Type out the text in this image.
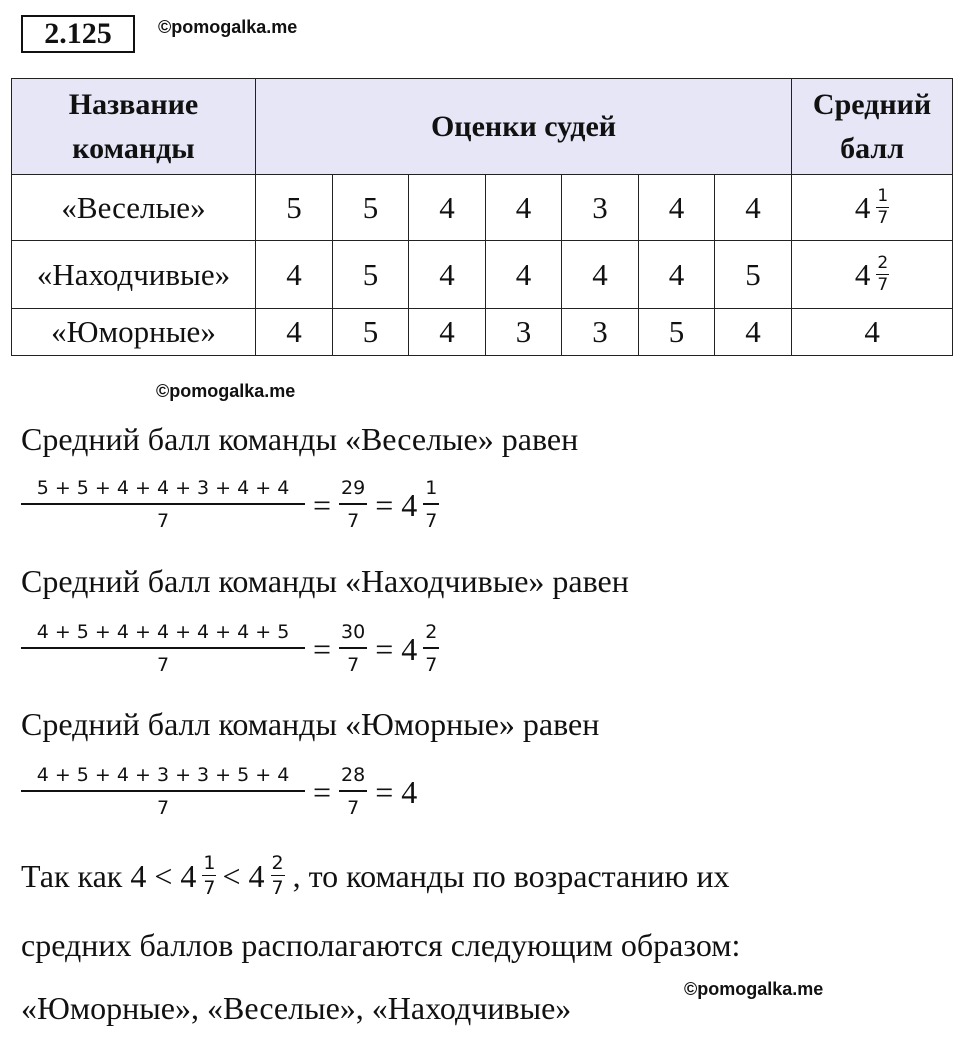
2.125	©pomogalka.me
Название команды	Оценки судей							Средний балл
«Веселые»	5	5	4	4	3	4	4	$4 \frac{1}{7}$

«Находчивые»	4	5	4	4	4	4	5	$4 \frac{2}{7}$

«Юморные»	4	5	4	3	3	5	4	4
©pomogalka.me
Средний балл команды «Веселые» равен
$\frac{5 + 5 + 4 + 4 + 3 + 4 + 4}{7} = \frac{29}{7} = 4 \frac{1}{7}$
Средний балл команды «Находчивые» равен
$\frac{4 + 5 + 4 + 4 + 4 + 4 + 5}{7} = \frac{30}{7} = 4 \frac{2}{7}$
Средний балл команды «Юморные» равен
$\frac{4 + 5 + 4 + 3 + 3 + 5 + 4}{7} = \frac{28}{7} = 4$
Так как $4 < 4 \frac{1}{7} < 4 \frac{2}{7}$ , то команды по возрастанию их
средних баллов располагаются следующим образом:
©pomogalka.me
«Юморные», «Веселые», «Находчивые»
